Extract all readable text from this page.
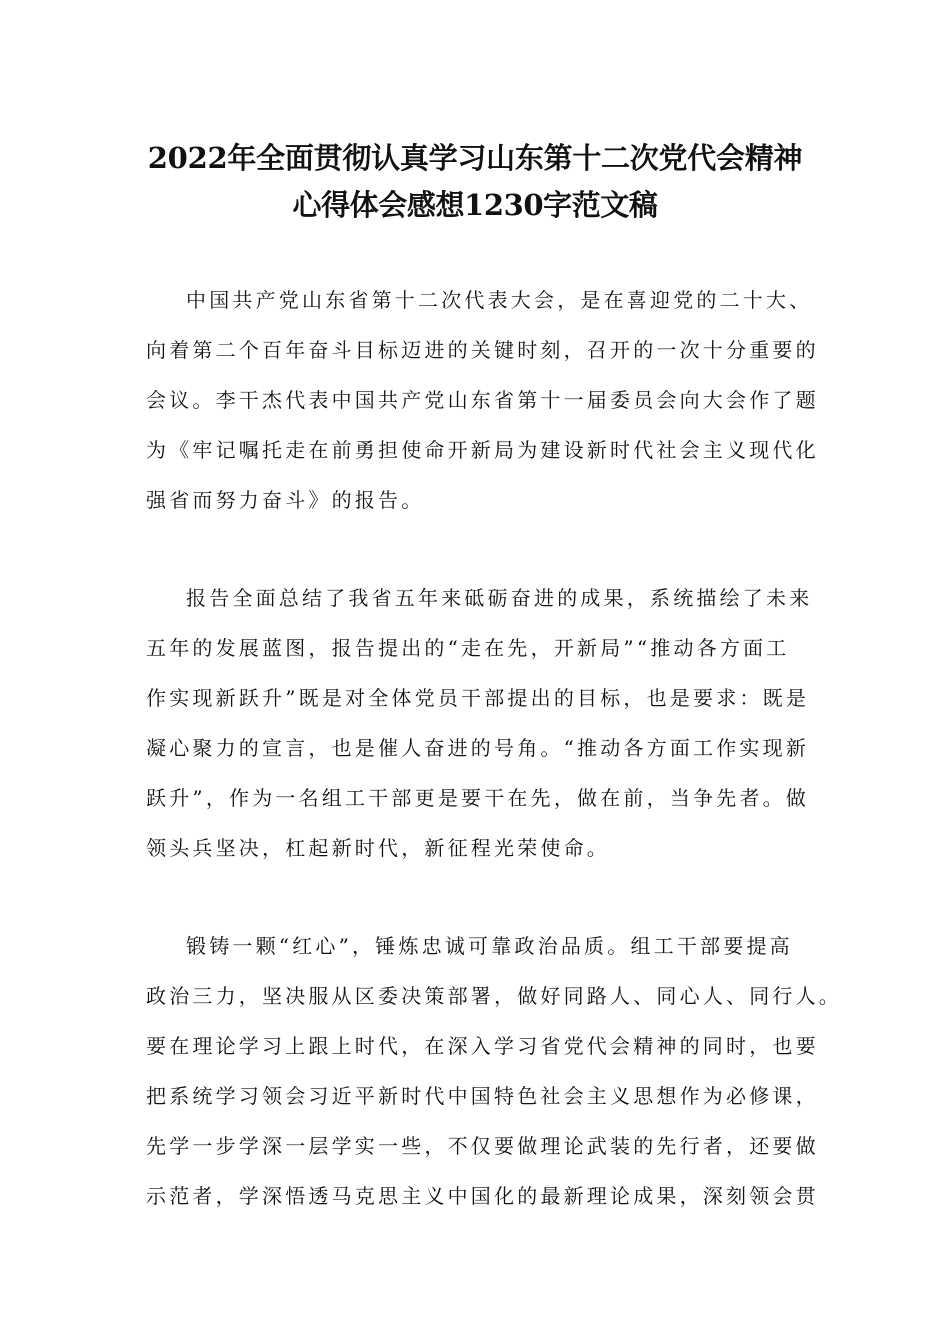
2022年全面贯彻认真学习山东第十二次党代会精神
心得体会感想1230字范文稿
中国共产党山东省第十二次代表大会，是在喜迎党的二十大、
向着第二个百年奋斗目标迈进的关键时刻，召开的一次十分重要的
会议。李干杰代表中国共产党山东省第十一届委员会向大会作了题
为《牢记嘱托走在前勇担使命开新局为建设新时代社会主义现代化
强省而努力奋斗》的报告。
报告全面总结了我省五年来砥砺奋进的成果，系统描绘了未来
五年的发展蓝图，报告提出的“走在先，开新局”“推动各方面工
作实现新跃升”既是对全体党员干部提出的目标，也是要求：既是
凝心聚力的宣言，也是催人奋进的号角。“推动各方面工作实现新
跃升”，作为一名组工干部更是要干在先，做在前，当争先者。做
领头兵坚决，杠起新时代，新征程光荣使命。
锻铸一颗“红心”，锤炼忠诚可靠政治品质。组工干部要提高
政治三力，坚决服从区委决策部署，做好同路人、同心人、同行人。
要在理论学习上跟上时代，在深入学习省党代会精神的同时，也要
把系统学习领会习近平新时代中国特色社会主义思想作为必修课，
先学一步学深一层学实一些，不仅要做理论武装的先行者，还要做
示范者，学深悟透马克思主义中国化的最新理论成果，深刻领会贯
